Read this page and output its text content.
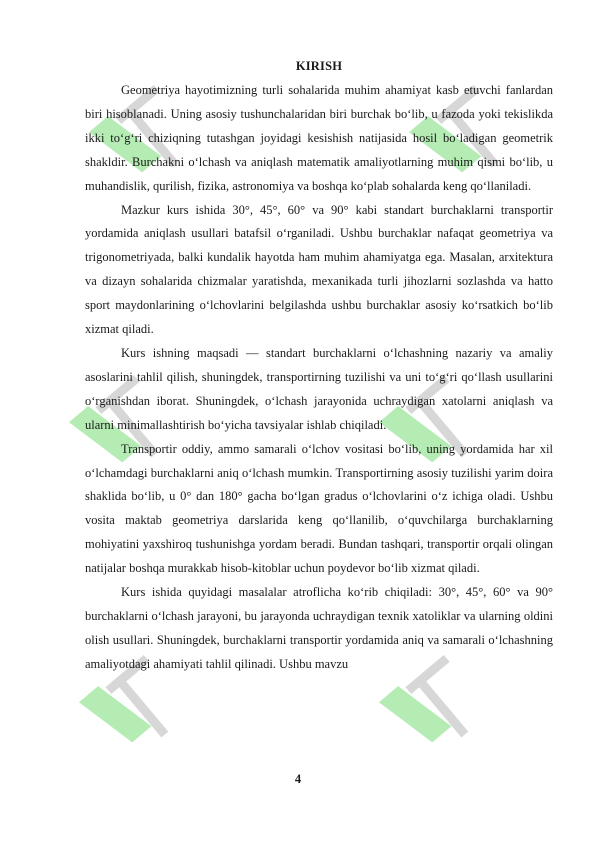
KIRISH

Geometriya hayotimizning turli sohalarida muhim ahamiyat kasb etuvchi fanlardan biri hisoblanadi. Uning asosiy tushunchalaridan biri burchak bo‘lib, u fazoda yoki tekislikda ikki to‘g‘ri chiziqning tutashgan joyidagi kesishish natijasida hosil bo‘ladigan geometrik shakldir. Burchakni o‘lchash va aniqlash matematik amaliyotlarning muhim qismi bo‘lib, u muhandislik, qurilish, fizika, astronomiya va boshqa ko‘plab sohalarda keng qo‘llaniladi.

Mazkur kurs ishida 30°, 45°, 60° va 90° kabi standart burchaklarni transportir yordamida aniqlash usullari batafsil o‘rganiladi. Ushbu burchaklar nafaqat geometriya va trigonometriyada, balki kundalik hayotda ham muhim ahamiyatga ega. Masalan, arxitektura va dizayn sohalarida chizmalar yaratishda, mexanikada turli jihozlarni sozlashda va hatto sport maydonlarining o‘lchovlarini belgilashda ushbu burchaklar asosiy ko‘rsatkich bo‘lib xizmat qiladi.

Kurs ishning maqsadi — standart burchaklarni o‘lchashning nazariy va amaliy asoslarini tahlil qilish, shuningdek, transportirning tuzilishi va uni to‘g‘ri qo‘llash usullarini o‘rganishdan iborat. Shuningdek, o‘lchash jarayonida uchraydigan xatolarni aniqlash va ularni minimallashtirish bo‘yicha tavsiyalar ishlab chiqiladi.

Transportir oddiy, ammo samarali o‘lchov vositasi bo‘lib, uning yordamida har xil o‘lchamdagi burchaklarni aniq o‘lchash mumkin. Transportirning asosiy tuzilishi yarim doira shaklida bo‘lib, u 0° dan 180° gacha bo‘lgan gradus o‘lchovlarini o‘z ichiga oladi. Ushbu vosita maktab geometriya darslarida keng qo‘llanilib, o‘quvchilarga burchaklarning mohiyatini yaxshiroq tushunishga yordam beradi. Bundan tashqari, transportir orqali olingan natijalar boshqa murakkab hisob-kitoblar uchun poydevor bo‘lib xizmat qiladi.

Kurs ishida quyidagi masalalar atroflicha ko‘rib chiqiladi: 30°, 45°, 60° va 90° burchaklarni o‘lchash jarayoni, bu jarayonda uchraydigan texnik xatoliklar va ularning oldini olish usullari. Shuningdek, burchaklarni transportir yordamida aniq va samarali o‘lchashning amaliyotdagi ahamiyati tahlil qilinadi. Ushbu mavzu

4
